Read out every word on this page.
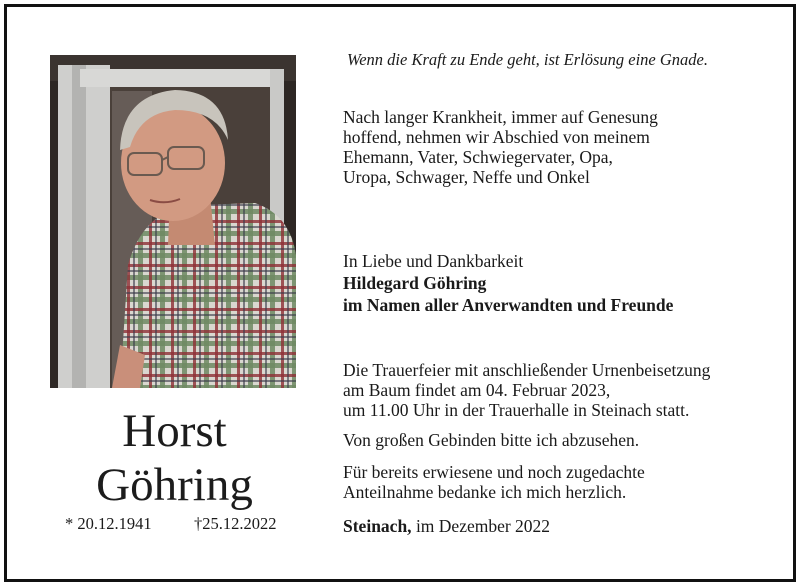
Horst
Göhring
* 20.12.1941	†25.12.2022
Wenn die Kraft zu Ende geht, ist Erlösung eine Gnade.
Nach langer Krankheit, immer auf Genesung
hoffend, nehmen wir Abschied von meinem
Ehemann, Vater, Schwiegervater, Opa,
Uropa, Schwager, Neffe und Onkel
In Liebe und Dankbarkeit
Hildegard Göhring
im Namen aller Anverwandten und Freunde
Die Trauerfeier mit anschließender Urnenbeisetzung
am Baum findet am 04. Februar 2023,
um 11.00 Uhr in der Trauerhalle in Steinach statt.
Von großen Gebinden bitte ich abzusehen.
Für bereits erwiesene und noch zugedachte
Anteilnahme bedanke ich mich herzlich.
Steinach, im Dezember 2022
